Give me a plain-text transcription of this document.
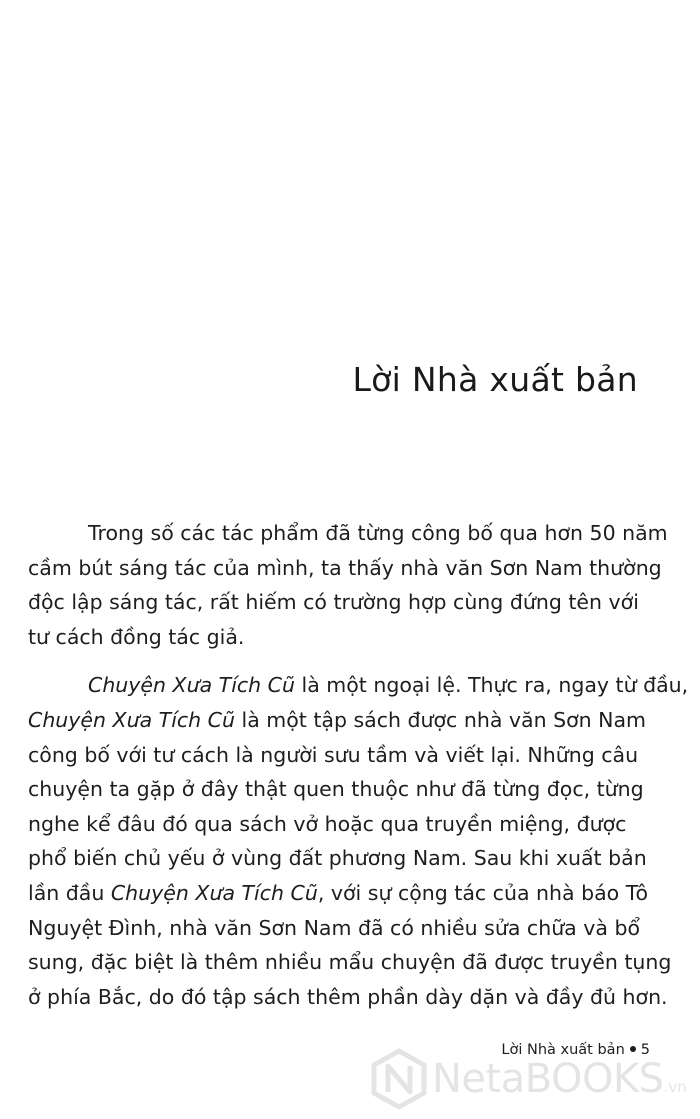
Lời Nhà xuất bản

Trong số các tác phẩm đã từng công bố qua hơn 50 năm
cầm bút sáng tác của mình, ta thấy nhà văn Sơn Nam thường
độc lập sáng tác, rất hiếm có trường hợp cùng đứng tên với
tư cách đồng tác giả.

Chuyện Xưa Tích Cũ là một ngoại lệ. Thực ra, ngay từ đầu,
Chuyện Xưa Tích Cũ là một tập sách được nhà văn Sơn Nam
công bố với tư cách là người sưu tầm và viết lại. Những câu
chuyện ta gặp ở đây thật quen thuộc như đã từng đọc, từng
nghe kể đâu đó qua sách vở hoặc qua truyền miệng, được
phổ biến chủ yếu ở vùng đất phương Nam. Sau khi xuất bản
lần đầu Chuyện Xưa Tích Cũ, với sự cộng tác của nhà báo Tô
Nguyệt Đình, nhà văn Sơn Nam đã có nhiều sửa chữa và bổ
sung, đặc biệt là thêm nhiều mẩu chuyện đã được truyền tụng
ở phía Bắc, do đó tập sách thêm phần dày dặn và đầy đủ hơn.

Lời Nhà xuất bản 5
NetaBOOKS.vn
